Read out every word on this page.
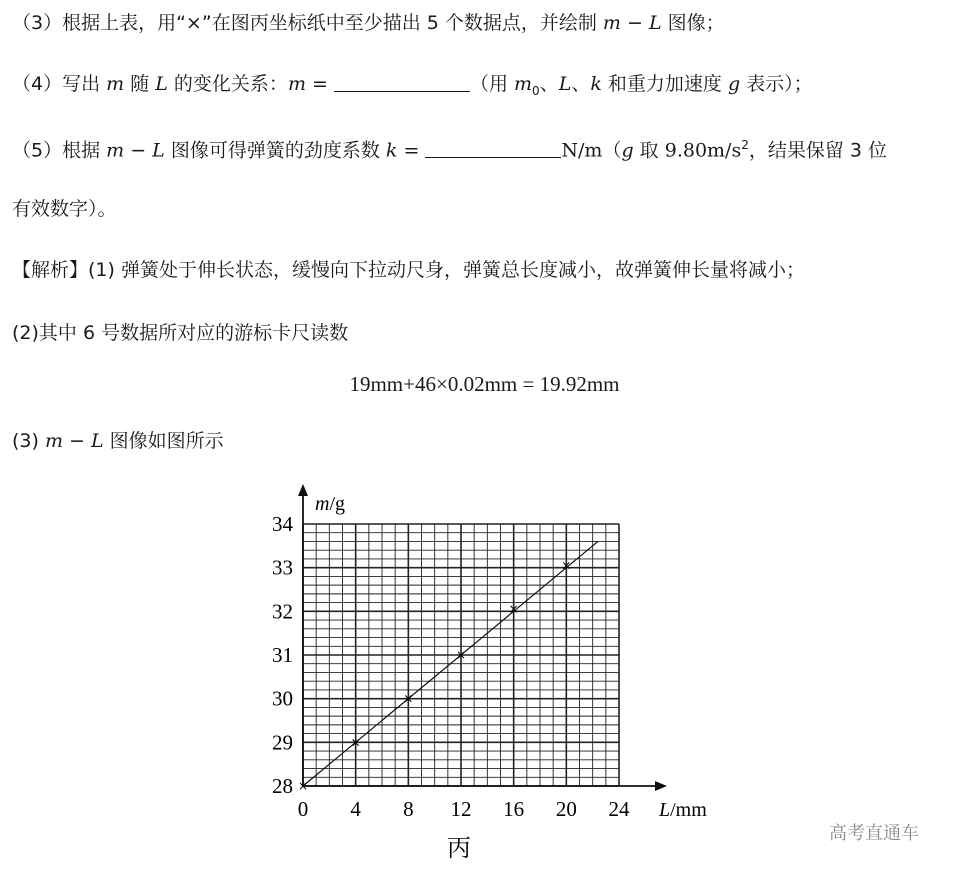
（3）根据上表，用“×”在图丙坐标纸中至少描出 5 个数据点，并绘制 m − L 图像；
（4）写出 m 随 L 的变化关系：m =	（用 $m_0$、L、k 和重力加速度 g 表示）；
（5）根据 m − L 图像可得弹簧的劲度系数 k =	N/m（g 取 $9.80m/s^2$，结果保留 3 位
有效数字）。
【解析】(1) 弹簧处于伸长状态，缓慢向下拉动尺身，弹簧总长度减小，故弹簧伸长量将减小；
(2)其中 6 号数据所对应的游标卡尺读数
19mm+46×0.02mm = 19.92mm
(3) m − L 图像如图所示
0 4 8 12 16 20 24
28
29
30
31
32
33
34
×
×
×
×
×
×
m/g
L/mm
丙
高考直通车
